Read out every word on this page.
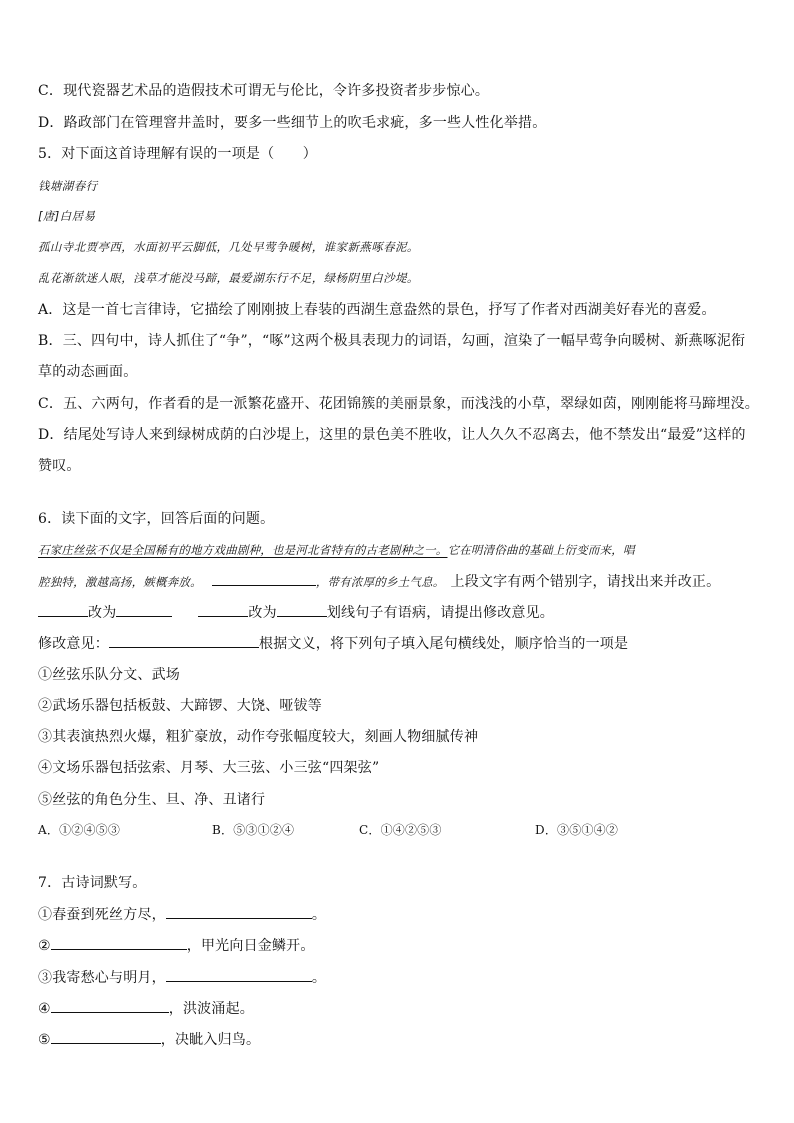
C．现代瓷器艺术品的造假技术可谓无与伦比，令许多投资者步步惊心。
D．路政部门在管理窨井盖时，要多一些细节上的吹毛求疵，多一些人性化举措。
5．对下面这首诗理解有误的一项是（　　）
钱塘湖春行
[唐]白居易
孤山寺北贾亭西，水面初平云脚低，几处早莺争暖树，谁家新燕啄春泥。
乱花渐欲迷人眼，浅草才能没马蹄，最爱湖东行不足，绿杨阴里白沙堤。
A．这是一首七言律诗，它描绘了刚刚披上春装的西湖生意盎然的景色，抒写了作者对西湖美好春光的喜爱。
B．三、四句中，诗人抓住了“争”，“啄”这两个极具表现力的词语，勾画，渲染了一幅早莺争向暖树、新燕啄泥衔
草的动态画面。
C．五、六两句，作者看的是一派繁花盛开、花团锦簇的美丽景象，而浅浅的小草，翠绿如茵，刚刚能将马蹄埋没。
D．结尾处写诗人来到绿树成荫的白沙堤上，这里的景色美不胜收，让人久久不忍离去，他不禁发出“最爱”这样的
赞叹。
6．读下面的文字，回答后面的问题。
石家庄丝弦不仅是全国稀有的地方戏曲剧种，也是河北省特有的古老剧种之一。它在明清俗曲的基础上衍变而来，唱
腔独特，激越高扬，嫉概奔放。	，带有浓厚的乡土气息。 上段文字有两个错别字，请找出来并改正。
改为	改为	划线句子有语病，请提出修改意见。
修改意见：	根据文义，将下列句子填入尾句横线处，顺序恰当的一项是
①丝弦乐队分文、武场
②武场乐器包括板鼓、大蹄锣、大饶、哑钹等
③其表演热烈火爆，粗犷豪放，动作夸张幅度较大，刻画人物细腻传神
④文场乐器包括弦索、月琴、大三弦、小三弦“四架弦”
⑤丝弦的角色分生、旦、净、丑诸行
A．①②④⑤③	B．⑤③①②④	C．①④②⑤③	D．③⑤①④②
7．古诗词默写。
①春蚕到死丝方尽，	。
②	，甲光向日金鳞开。
③我寄愁心与明月，	。
④	，洪波涌起。
⑤	，决眦入归鸟。
